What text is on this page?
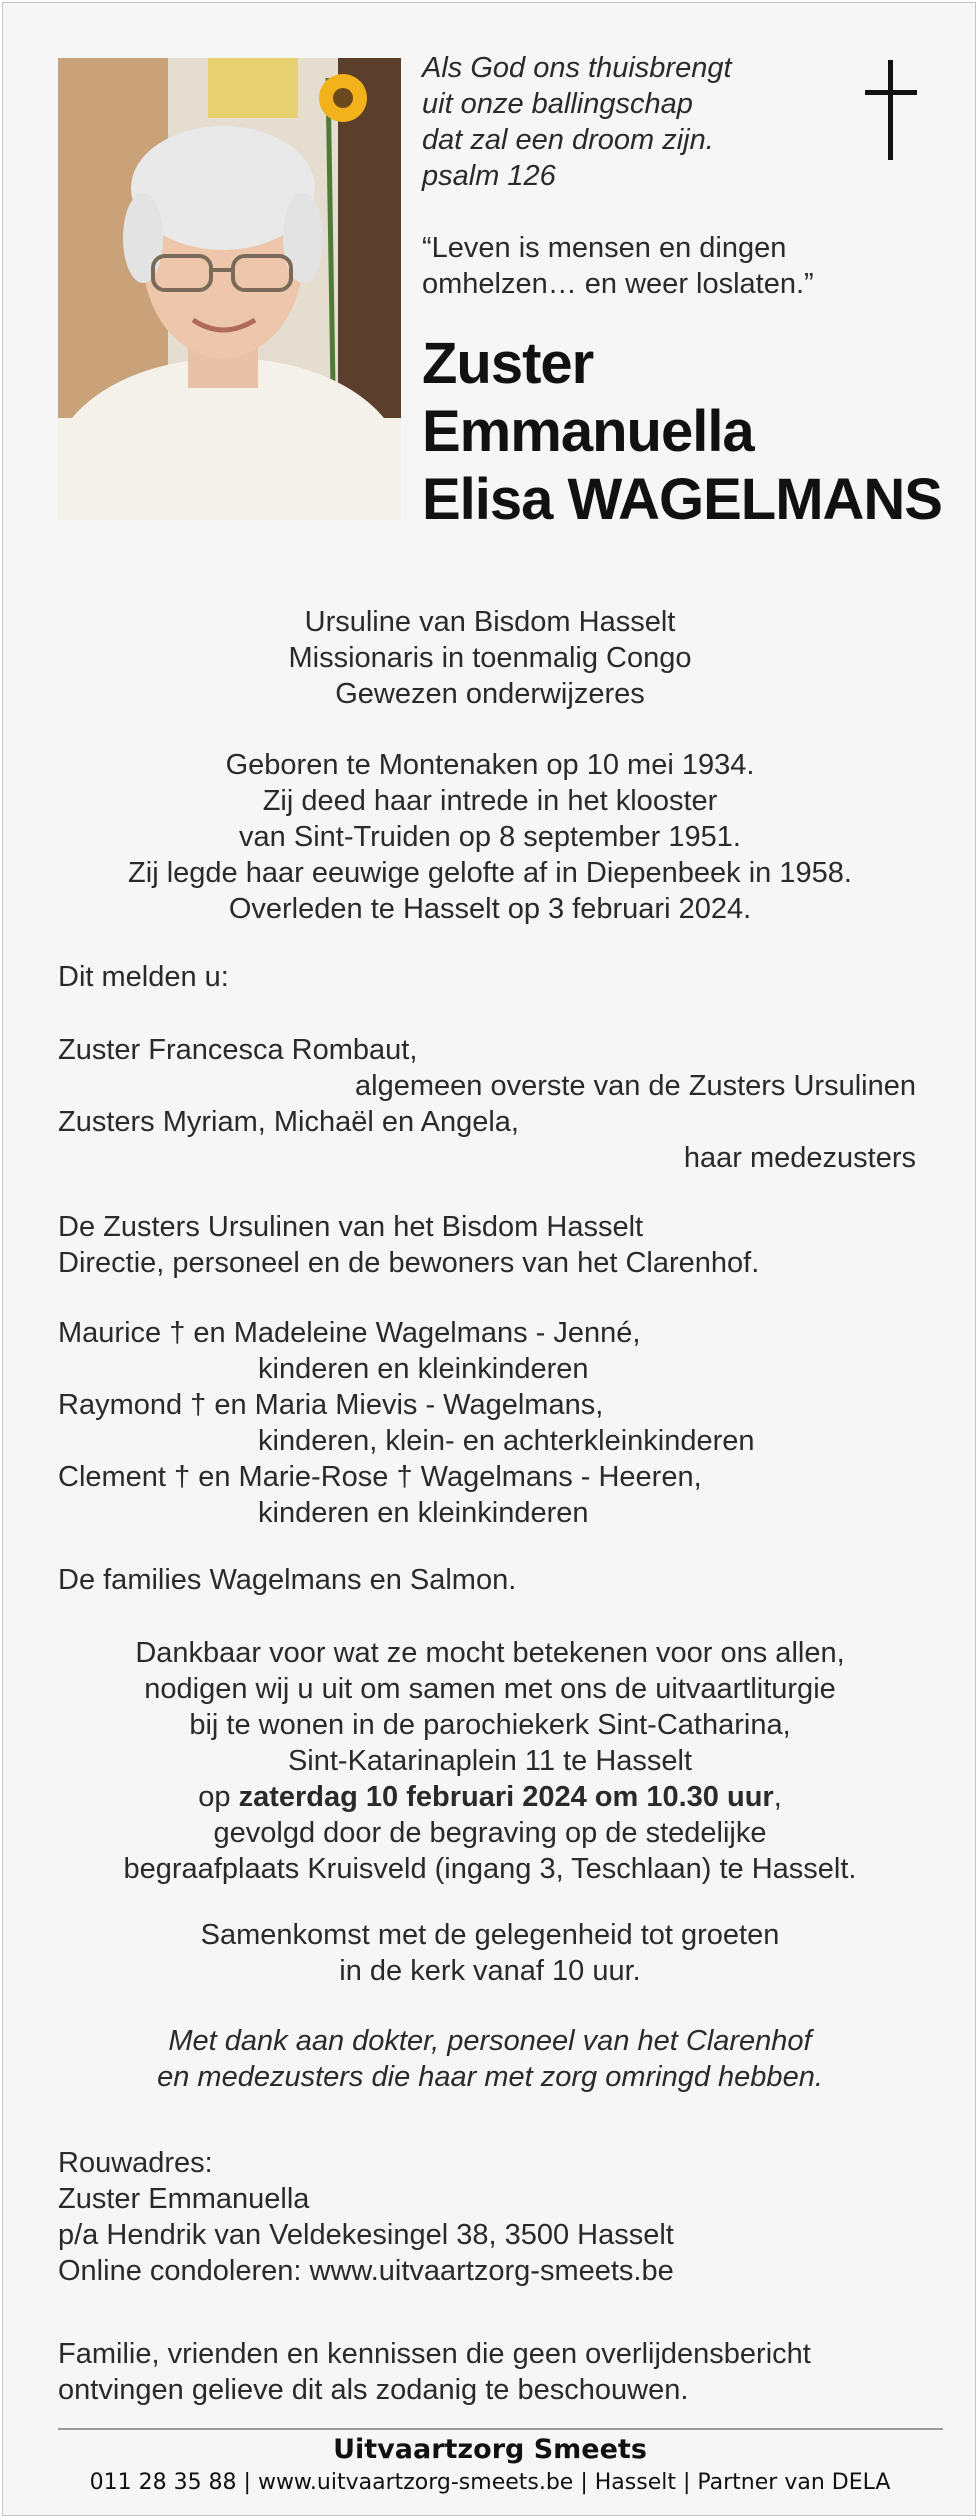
Als God ons thuisbrengt
uit onze ballingschap
dat zal een droom zijn.
psalm 126
“Leven is mensen en dingen
omhelzen… en weer loslaten.”
Zuster
Emmanuella
Elisa WAGELMANS
Ursuline van Bisdom Hasselt
Missionaris in toenmalig Congo
Gewezen onderwijzeres
Geboren te Montenaken op 10 mei 1934.
Zij deed haar intrede in het klooster
van Sint-Truiden op 8 september 1951.
Zij legde haar eeuwige gelofte af in Diepenbeek in 1958.
Overleden te Hasselt op 3 februari 2024.
Dit melden u:
Zuster Francesca Rombaut,
algemeen overste van de Zusters Ursulinen
Zusters Myriam, Michaël en Angela,
haar medezusters
De Zusters Ursulinen van het Bisdom Hasselt
Directie, personeel en de bewoners van het Clarenhof.
Maurice † en Madeleine Wagelmans - Jenné,
kinderen en kleinkinderen
Raymond † en Maria Mievis - Wagelmans,
kinderen, klein- en achterkleinkinderen
Clement † en Marie-Rose † Wagelmans - Heeren,
kinderen en kleinkinderen
De families Wagelmans en Salmon.
Dankbaar voor wat ze mocht betekenen voor ons allen,
nodigen wij u uit om samen met ons de uitvaartliturgie
bij te wonen in de parochiekerk Sint-Catharina,
Sint-Katarinaplein 11 te Hasselt
op zaterdag 10 februari 2024 om 10.30 uur,
gevolgd door de begraving op de stedelijke
begraafplaats Kruisveld (ingang 3, Teschlaan) te Hasselt.
Samenkomst met de gelegenheid tot groeten
in de kerk vanaf 10 uur.
Met dank aan dokter, personeel van het Clarenhof
en medezusters die haar met zorg omringd hebben.
Rouwadres:
Zuster Emmanuella
p/a Hendrik van Veldekesingel 38, 3500 Hasselt
Online condoleren: www.uitvaartzorg-smeets.be
Familie, vrienden en kennissen die geen overlijdensbericht
ontvingen gelieve dit als zodanig te beschouwen.
Uitvaartzorg Smeets
011 28 35 88 | www.uitvaartzorg-smeets.be | Hasselt | Partner van DELA
